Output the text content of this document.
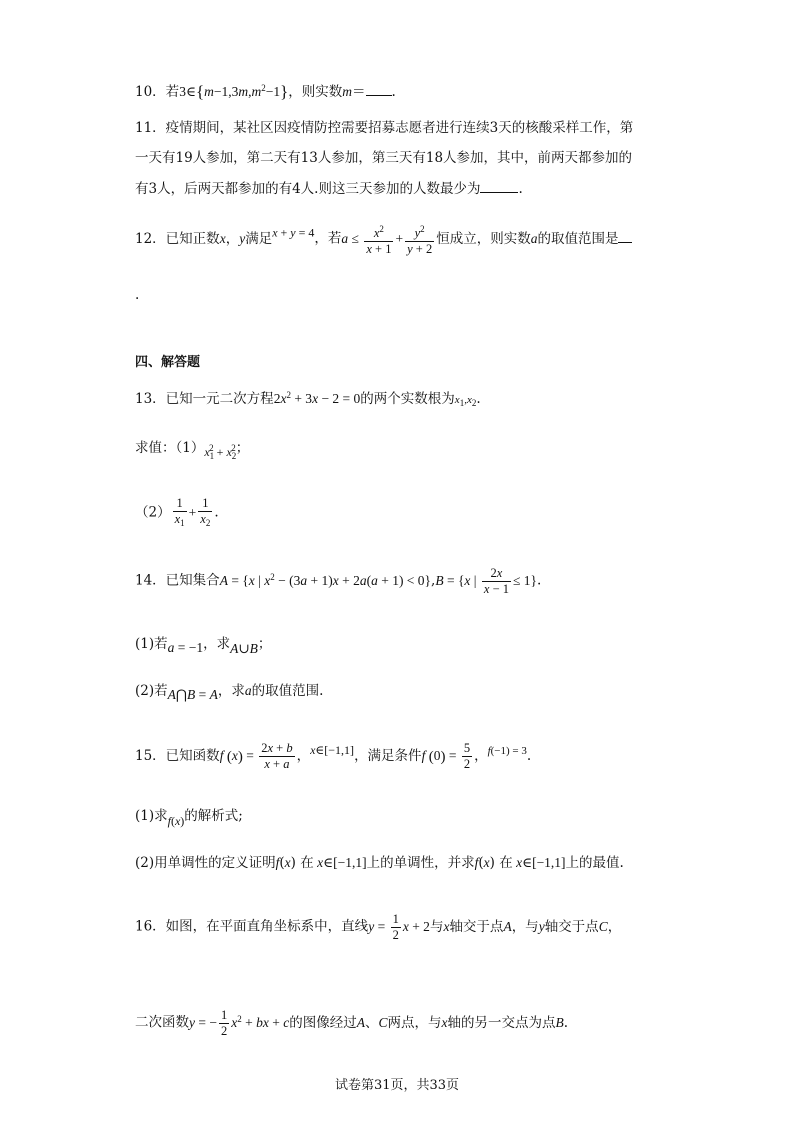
10．若$3\in\{m-1,3m,m^2-1\}$，则实数m＝ .
11．疫情期间，某社区因疫情防控需要招募志愿者进行连续3天的核酸采样工作，第
一天有19人参加，第二天有13人参加，第三天有18人参加，其中，前两天都参加的
有3人，后两天都参加的有4人.则这三天参加的人数最少为	.
12．已知正数x，y满足x + y = 4，若$a \le \frac{x^2}{x + 1} + \frac{y^2}{y + 2}$ 恒成立，则实数a的取值范围是
.
四、解答题
13．已知一元二次方程$2x^2 + 3x - 2 = 0$的两个实数根为$x_1,x_2$.
求值：$(1)x_1^2 + x_2^2$；
$(2) \frac{1}{x_1} + \frac{1}{x_2}$ .
14．已知集合A = {x | $x^2 - (3a + 1)x + 2a(a + 1) < 0\},B = \{x$ | $\frac{2x}{x - 1} \le 1$}.
(1)若a = −1，求A∪B；
(2)若A⋂B = A，求a的取值范围.
15．已知函数f $(x) = \frac{2x + b}{x + a}$ ，x∈[−1,1]，满足条件f $(0) = \frac{5}{2}$ ，$^{f(-1) = 3}$.
(1)求f(x)的解析式;
(2)用单调性的定义证明f(x) 在 x∈[−1,1]上的单调性，并求f(x) 在 x∈[−1,1]上的最值.
16．如图，在平面直角坐标系中，直线$y = \frac{1}{2}$ x + 2与x轴交于点A，与y轴交于点C，
二次函数y = − $\frac{1}{2} x^2$ + bx + c的图像经过A、C两点，与x轴的另一交点为点B.
试卷第31页，共33页
